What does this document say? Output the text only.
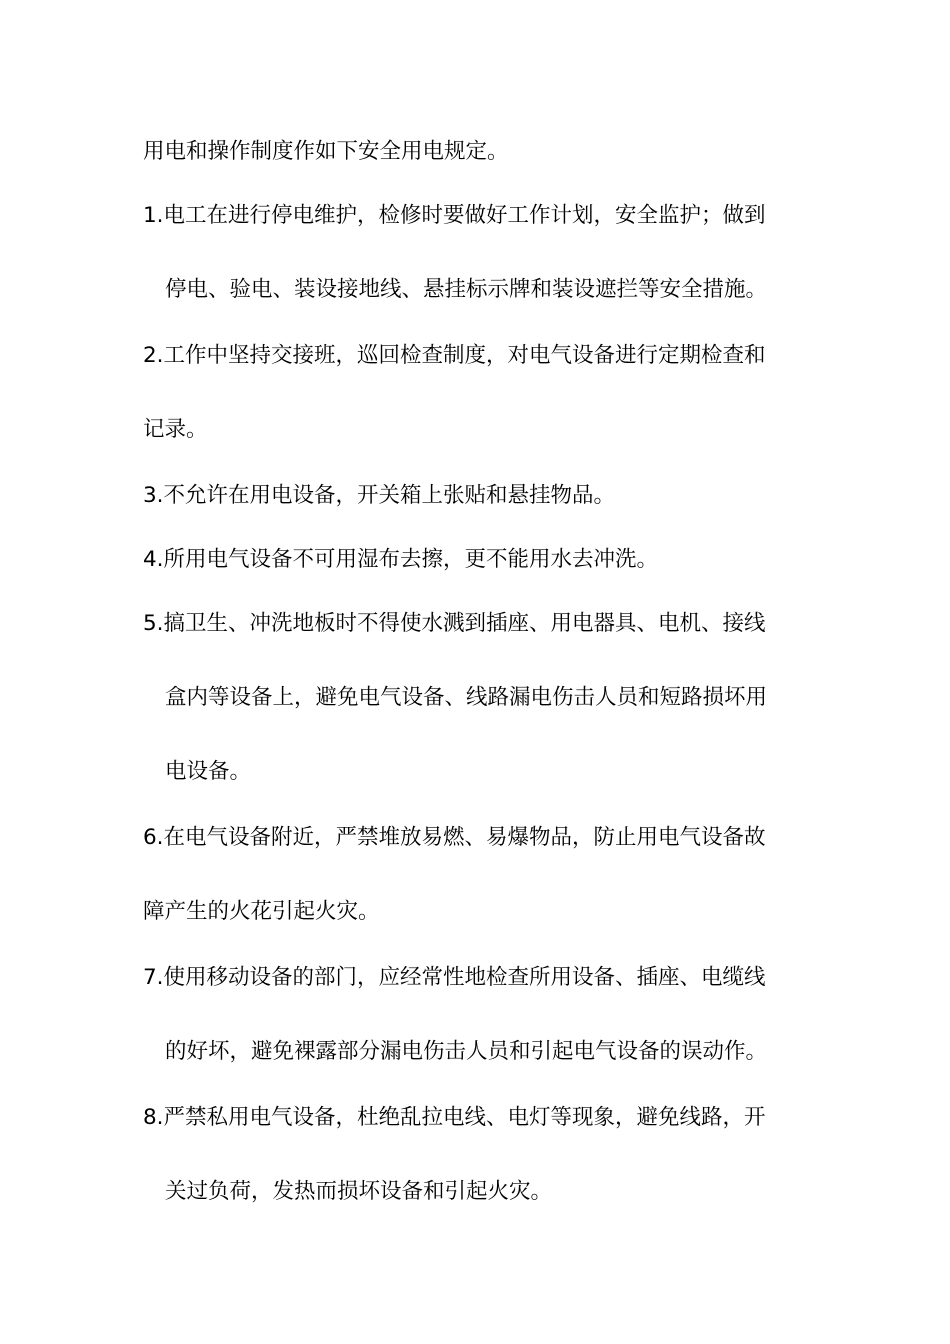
用电和操作制度作如下安全用电规定。
1.电工在进行停电维护，检修时要做好工作计划，安全监护；做到
停电、验电、装设接地线、悬挂标示牌和装设遮拦等安全措施。
2.工作中坚持交接班，巡回检查制度，对电气设备进行定期检查和
记录。
3.不允许在用电设备，开关箱上张贴和悬挂物品。
4.所用电气设备不可用湿布去擦，更不能用水去冲洗。
5.搞卫生、冲洗地板时不得使水溅到插座、用电器具、电机、接线
盒内等设备上，避免电气设备、线路漏电伤击人员和短路损坏用
电设备。
6.在电气设备附近，严禁堆放易燃、易爆物品，防止用电气设备故
障产生的火花引起火灾。
7.使用移动设备的部门，应经常性地检查所用设备、插座、电缆线
的好坏，避免裸露部分漏电伤击人员和引起电气设备的误动作。
8.严禁私用电气设备，杜绝乱拉电线、电灯等现象，避免线路，开
关过负荷，发热而损坏设备和引起火灾。
